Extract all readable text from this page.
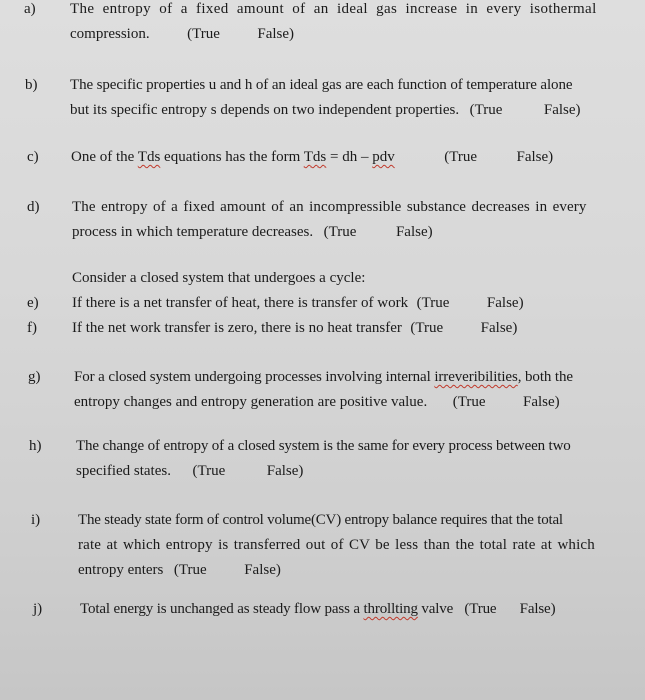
a) The entropy of a fixed amount of an ideal gas increase in every isothermal
compression.	(True	False)
b) The specific properties u and h of an ideal gas are each function of temperature alone
but its specific entropy s depends on two independent properties. (True	False)
c) One of the Tds equations has the form Tds = dh – pdv	(True	False)
d) The entropy of a fixed amount of an incompressible substance decreases in every
process in which temperature decreases. (True	False)
Consider a closed system that undergoes a cycle:
e) If there is a net transfer of heat, there is transfer of work (True	False)
f) If the net work transfer is zero, there is no heat transfer (True	False)
g) For a closed system undergoing processes involving internal irreveribilities, both the
entropy changes and entropy generation are positive value. (True	False)
h) The change of entropy of a closed system is the same for every process between two
specified states. (True	False)
i)	The steady state form of control volume(CV) entropy balance requires that the total
rate at which entropy is transferred out of CV be less than the total rate at which
entropy enters (True	False)
j)	Total energy is unchanged as steady flow pass a throllting valve (True False)
